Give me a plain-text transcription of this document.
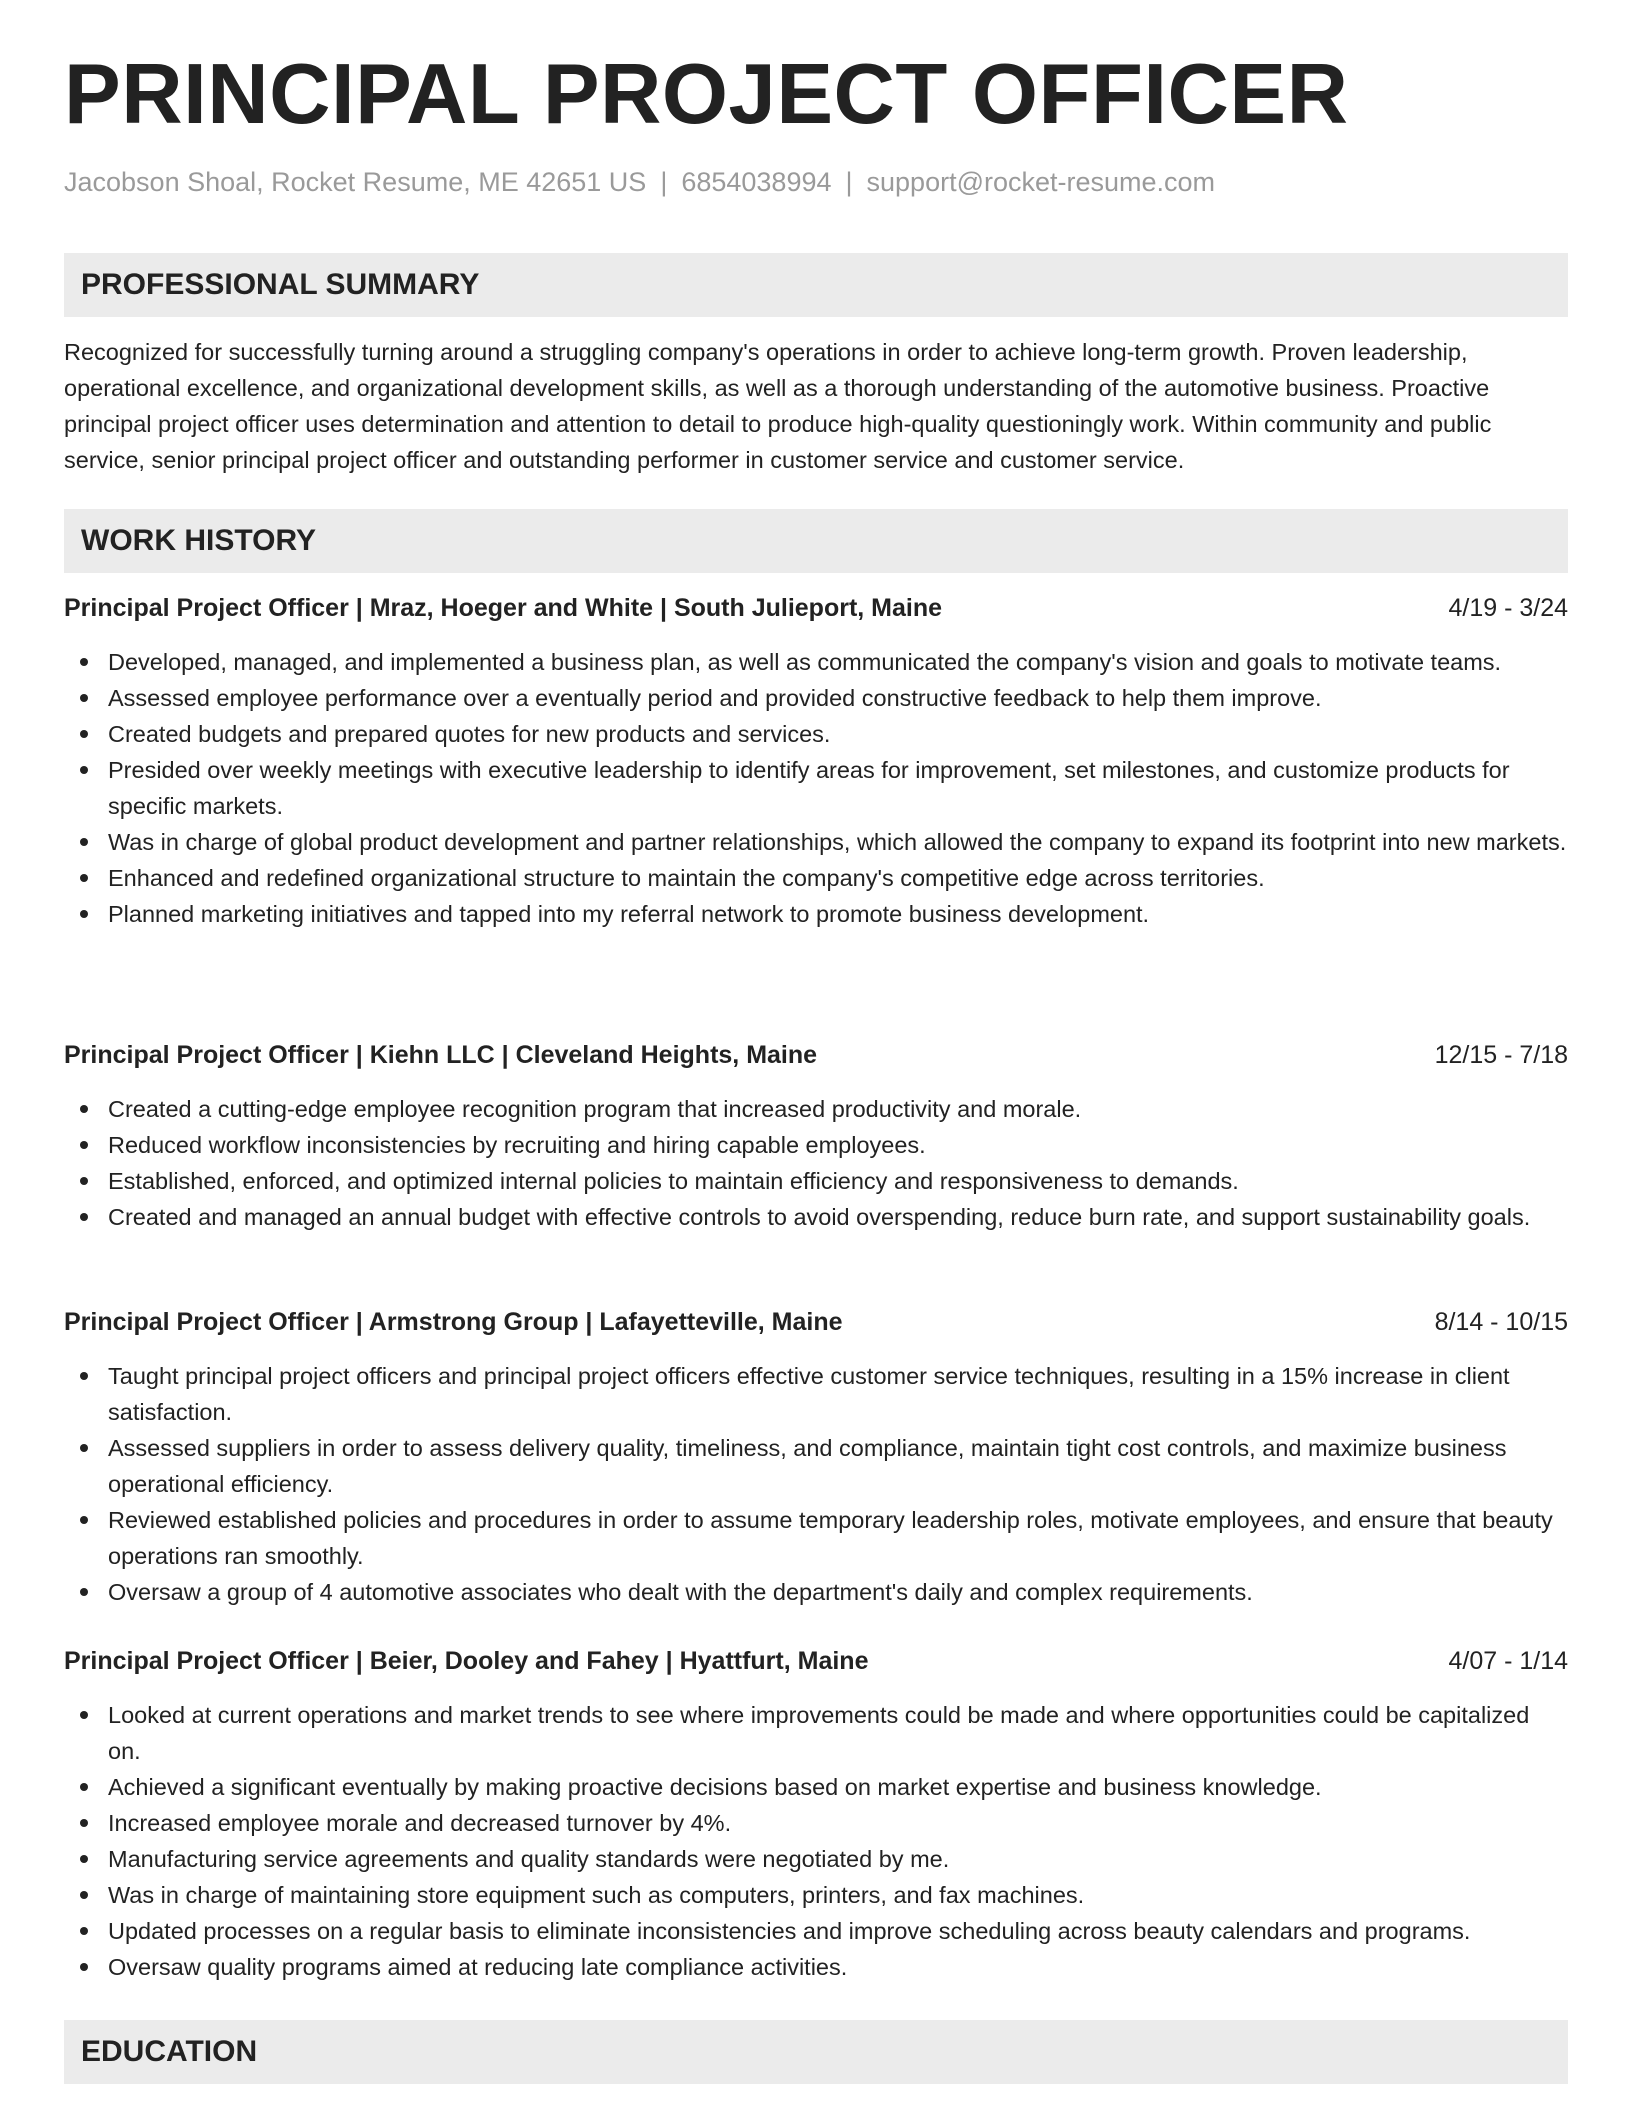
PRINCIPAL PROJECT OFFICER
Jacobson Shoal, Rocket Resume, ME 42651 US | 6854038994 | support@rocket-resume.com
PROFESSIONAL SUMMARY

Recognized for successfully turning around a struggling company's operations in order to achieve long-term growth. Proven leadership, operational excellence, and organizational development skills, as well as a thorough understanding of the automotive business. Proactive principal project officer uses determination and attention to detail to produce high-quality questioningly work. Within community and public service, senior principal project officer and outstanding performer in customer service and customer service.

WORK HISTORY
Principal Project Officer | Mraz, Hoeger and White | South Julieport, Maine	4/19 - 3/24
Developed, managed, and implemented a business plan, as well as communicated the company's vision and goals to motivate teams.
Assessed employee performance over a eventually period and provided constructive feedback to help them improve.
Created budgets and prepared quotes for new products and services.
Presided over weekly meetings with executive leadership to identify areas for improvement, set milestones, and customize products for specific markets.
Was in charge of global product development and partner relationships, which allowed the company to expand its footprint into new markets.
Enhanced and redefined organizational structure to maintain the company's competitive edge across territories.
Planned marketing initiatives and tapped into my referral network to promote business development.
Principal Project Officer | Kiehn LLC | Cleveland Heights, Maine	12/15 - 7/18
Created a cutting-edge employee recognition program that increased productivity and morale.
Reduced workflow inconsistencies by recruiting and hiring capable employees.
Established, enforced, and optimized internal policies to maintain efficiency and responsiveness to demands.
Created and managed an annual budget with effective controls to avoid overspending, reduce burn rate, and support sustainability goals.
Principal Project Officer | Armstrong Group | Lafayetteville, Maine	8/14 - 10/15
Taught principal project officers and principal project officers effective customer service techniques, resulting in a 15% increase in client satisfaction.
Assessed suppliers in order to assess delivery quality, timeliness, and compliance, maintain tight cost controls, and maximize business operational efficiency.
Reviewed established policies and procedures in order to assume temporary leadership roles, motivate employees, and ensure that beauty operations ran smoothly.
Oversaw a group of 4 automotive associates who dealt with the department's daily and complex requirements.
Principal Project Officer | Beier, Dooley and Fahey | Hyattfurt, Maine	4/07 - 1/14
Looked at current operations and market trends to see where improvements could be made and where opportunities could be capitalized on.
Achieved a significant eventually by making proactive decisions based on market expertise and business knowledge.
Increased employee morale and decreased turnover by 4%.
Manufacturing service agreements and quality standards were negotiated by me.
Was in charge of maintaining store equipment such as computers, printers, and fax machines.
Updated processes on a regular basis to eliminate inconsistencies and improve scheduling across beauty calendars and programs.
Oversaw quality programs aimed at reducing late compliance activities.
EDUCATION
